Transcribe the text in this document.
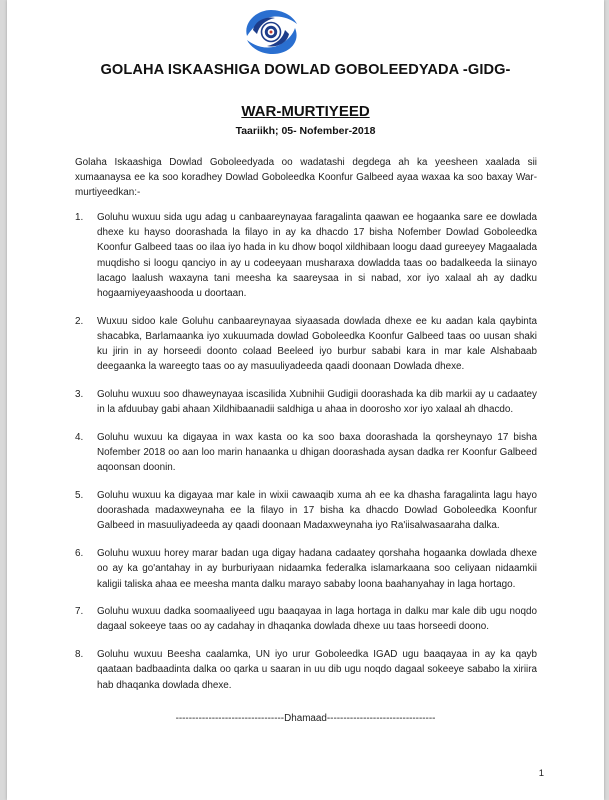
GOLAHA ISKAASHIGA DOWLAD GOBOLEEDYADA -GIDG-
WAR-MURTIYEED
Taariikh; 05- Nofember-2018
Golaha Iskaashiga Dowlad Goboleedyada oo wadatashi degdega ah ka yeesheen xaalada sii xumaanaysa ee ka soo koradhey Dowlad Goboleedka Koonfur Galbeed ayaa waxaa ka soo baxay War-murtiyeedkan:-
1. Goluhu wuxuu sida ugu adag u canbaareynayaa faragalinta qaawan ee hogaanka sare ee dowlada dhexe ku hayso doorashada la filayo in ay ka dhacdo 17 bisha Nofember Dowlad Goboleedka Koonfur Galbeed taas oo ilaa iyo hada in ku dhow boqol xildhibaan loogu daad gureeyey Magaalada muqdisho si loogu qanciyo in ay u codeeyaan musharaxa dowladda taas oo badalkeeda la siinayo lacago laalush waxayna tani meesha ka saareysaa in si nabad, xor iyo xalaal ah ay dadku hogaamiyeyaashooda u doortaan.
2. Wuxuu sidoo kale Goluhu canbaareynayaa siyaasada dowlada dhexe ee ku aadan kala qaybinta shacabka, Barlamaanka iyo xukuumada dowlad Goboleedka Koonfur Galbeed taas oo uusan shaki ku jirin in ay horseedi doonto colaad Beeleed iyo burbur sababi kara in mar kale Alshabaab deegaanka la wareegto taas oo ay masuuliyadeeda qaadi doonaan Dowlada dhexe.
3. Goluhu wuxuu soo dhaweynayaa iscasilida Xubnihii Gudigii doorashada ka dib markii ay u cadaatey in la afduubay gabi ahaan Xildhibaanadii saldhiga u ahaa in doorosho xor iyo xalaal ah dhacdo.
4. Goluhu wuxuu ka digayaa in wax kasta oo ka soo baxa doorashada la qorsheynayo 17 bisha Nofember 2018 oo aan loo marin hanaanka u dhigan doorashada aysan dadka rer Koonfur Galbeed aqoonsan doonin.
5. Goluhu wuxuu ka digayaa mar kale in wixii cawaaqib xuma ah ee ka dhasha faragalinta lagu hayo doorashada madaxweynaha ee la filayo in 17 bisha ka dhacdo Dowlad Goboleedka Koonfur Galbeed in masuuliyadeeda ay qaadi doonaan Madaxweynaha iyo Ra'iisalwasaaraha dalka.
6. Goluhu wuxuu horey marar badan uga digay hadana cadaatey qorshaha hogaanka dowlada dhexe oo ay ka go'antahay in ay burburiyaan nidaamka federalka islamarkaana soo celiyaan nidaamkii kaligii taliska ahaa ee meesha manta dalku marayo sababy loona baahanyahay in laga hortago.
7. Goluhu wuxuu dadka soomaaliyeed ugu baaqayaa in laga hortaga in dalku mar kale dib ugu noqdo dagaal sokeeye taas oo ay cadahay in dhaqanka dowlada dhexe uu taas horseedi doono.
8. Goluhu wuxuu Beesha caalamka, UN iyo urur Goboleedka IGAD ugu baaqayaa in ay ka qayb qaataan badbaadinta dalka oo qarka u saaran in uu dib ugu noqdo dagaal sokeeye sababo la xiriira hab dhaqanka dowlada dhexe.
---------------------------------Dhamaad---------------------------------
1
